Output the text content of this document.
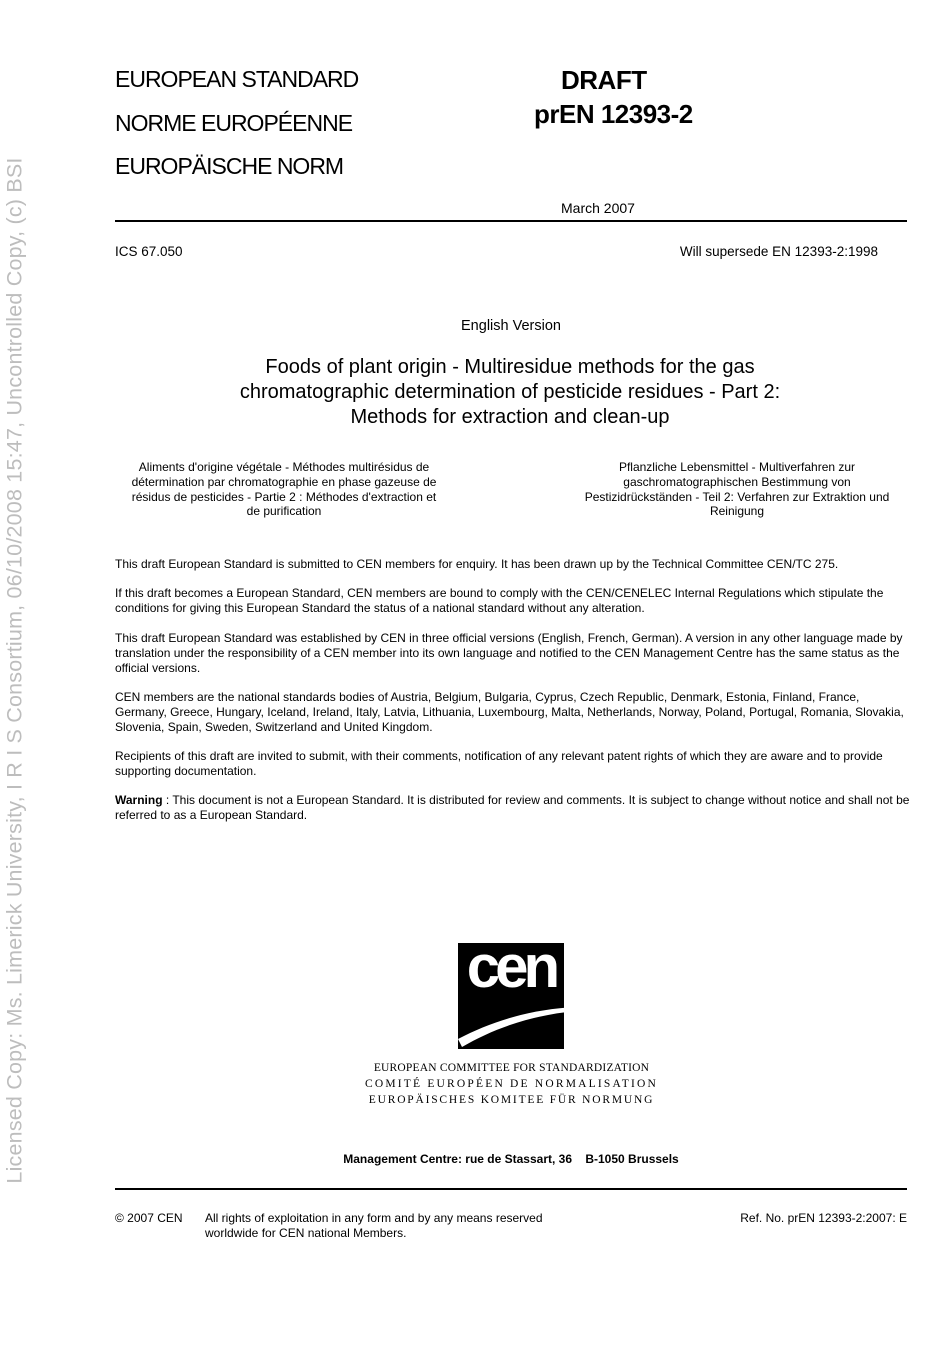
Licensed Copy: Ms. Limerick University, I R I S Consortium, 06/10/2008 15:47, Uncontrolled Copy, (c) BSI
EUROPEAN STANDARD
NORME EUROPÉENNE
EUROPÄISCHE NORM
DRAFT
prEN 12393-2
March 2007
ICS 67.050	Will supersede EN 12393-2:1998
English Version
Foods of plant origin - Multiresidue methods for the gas
chromatographic determination of pesticide residues - Part 2:
Methods for extraction and clean-up
Aliments d'origine végétale - Méthodes multirésidus de
détermination par chromatographie en phase gazeuse de
résidus de pesticides - Partie 2 : Méthodes d'extraction et
de purification
Pflanzliche Lebensmittel - Multiverfahren zur
gaschromatographischen Bestimmung von
Pestizidrückständen - Teil 2: Verfahren zur Extraktion und
Reinigung
This draft European Standard is submitted to CEN members for enquiry. It has been drawn up by the Technical Committee CEN/TC 275.
If this draft becomes a European Standard, CEN members are bound to comply with the CEN/CENELEC Internal Regulations which stipulate the conditions for giving this European Standard the status of a national standard without any alteration.
This draft European Standard was established by CEN in three official versions (English, French, German). A version in any other language made by translation under the responsibility of a CEN member into its own language and notified to the CEN Management Centre has the same status as the official versions.
CEN members are the national standards bodies of Austria, Belgium, Bulgaria, Cyprus, Czech Republic, Denmark, Estonia, Finland, France, Germany, Greece, Hungary, Iceland, Ireland, Italy, Latvia, Lithuania, Luxembourg, Malta, Netherlands, Norway, Poland, Portugal, Romania, Slovakia, Slovenia, Spain, Sweden, Switzerland and United Kingdom.
Recipients of this draft are invited to submit, with their comments, notification of any relevant patent rights of which they are aware and to provide supporting documentation.
Warning : This document is not a European Standard. It is distributed for review and comments. It is subject to change without notice and shall not be referred to as a European Standard.
cen
EUROPEAN COMMITTEE FOR STANDARDIZATION
COMITÉ EUROPÉEN DE NORMALISATION
EUROPÄISCHES KOMITEE FÜR NORMUNG
Management Centre: rue de Stassart, 36    B-1050 Brussels
© 2007 CEN All rights of exploitation in any form and by any means reserved
worldwide for CEN national Members.
Ref. No. prEN 12393-2:2007: E
